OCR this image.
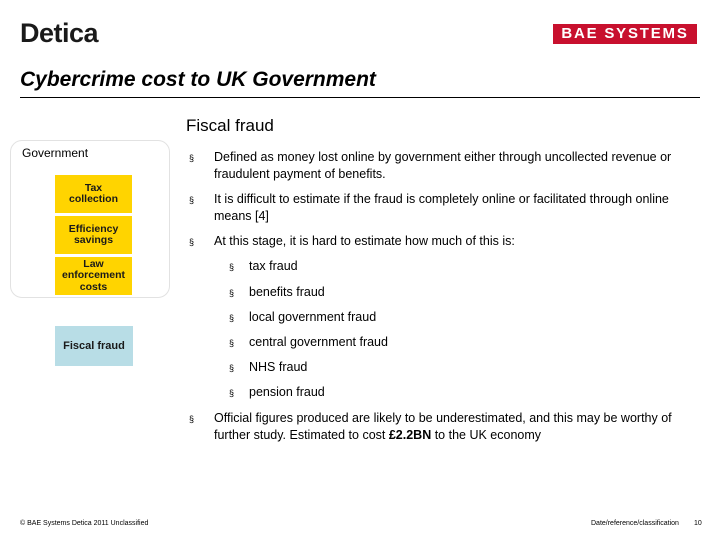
Detica	BAE SYSTEMS
Cybercrime cost to UK Government
Fiscal fraud
Government
Tax
collection
Efficiency
savings
Law
enforcement
costs
Fiscal fraud
§ Defined as money lost online by government either through uncollected revenue or fraudulent payment of benefits.
§ It is difficult to estimate if the fraud is completely online or facilitated through online means [4]
§ At this stage, it is hard to estimate how much of this is:
§ tax fraud
§ benefits fraud
§ local government fraud
§ central government fraud
§ NHS fraud
§ pension fraud
§ Official figures produced are likely to be underestimated, and this may be worthy of further study. Estimated to cost £2.2BN to the UK economy
© BAE Systems Detica 2011 Unclassified	Date/reference/classification 10
